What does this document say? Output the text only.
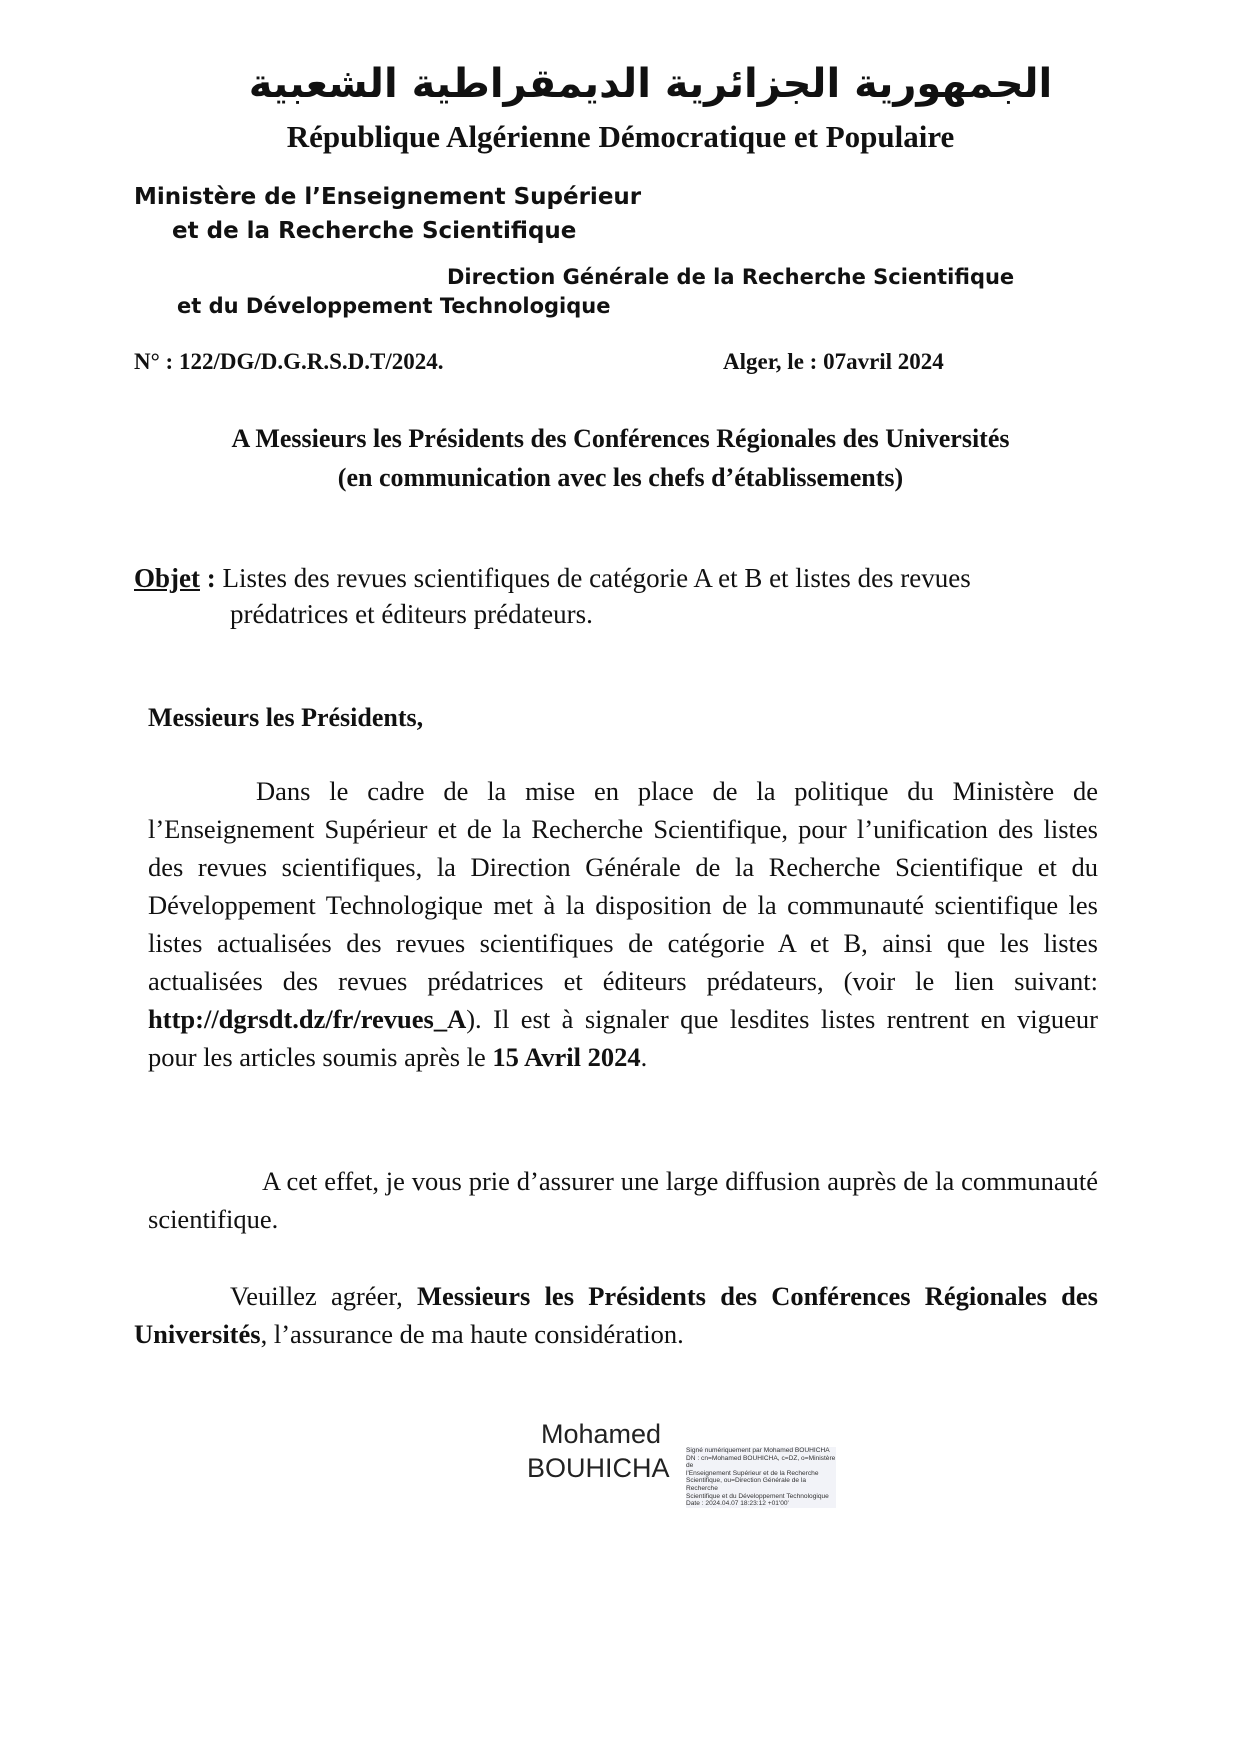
الجمهورية الجزائرية الديمقراطية الشعبية
République Algérienne Démocratique et Populaire
Ministère de l’Enseignement Supérieur
et de la Recherche Scientifique
Direction Générale de la Recherche Scientifique
et du Développement Technologique
N° : 122/DG/D.G.R.S.D.T/2024.	Alger, le : 07avril 2024
A Messieurs les Présidents des Conférences Régionales des Universités
(en communication avec les chefs d’établissements)
Objet : Listes des revues scientifiques de catégorie A et B et listes des revues
prédatrices et éditeurs prédateurs.
Messieurs les Présidents,
Dans le cadre de la mise en place de la politique du Ministère de l’Enseignement Supérieur et de la Recherche Scientifique, pour l’unification des listes des revues scientifiques, la Direction Générale de la Recherche Scientifique et du Développement Technologique met à la disposition de la communauté scientifique les listes actualisées des revues scientifiques de catégorie A et B, ainsi que les listes actualisées des revues prédatrices et éditeurs prédateurs, (voir le lien suivant: http://dgrsdt.dz/fr/revues_A). Il est à signaler que lesdites listes rentrent en vigueur pour les articles soumis après le 15 Avril 2024.
A cet effet, je vous prie d’assurer une large diffusion auprès de la communauté scientifique.
Veuillez agréer, Messieurs les Présidents des Conférences Régionales des Universités, l’assurance de ma haute considération.
Mohamed
BOUHICHA
Signé numériquement par Mohamed BOUHICHA
DN : cn=Mohamed BOUHICHA, c=DZ, o=Ministère de
l'Enseignement Supérieur et de la Recherche
Scientifique, ou=Direction Générale de la Recherche
Scientifique et du Développement Technologique
Date : 2024.04.07 18:23:12 +01'00'
